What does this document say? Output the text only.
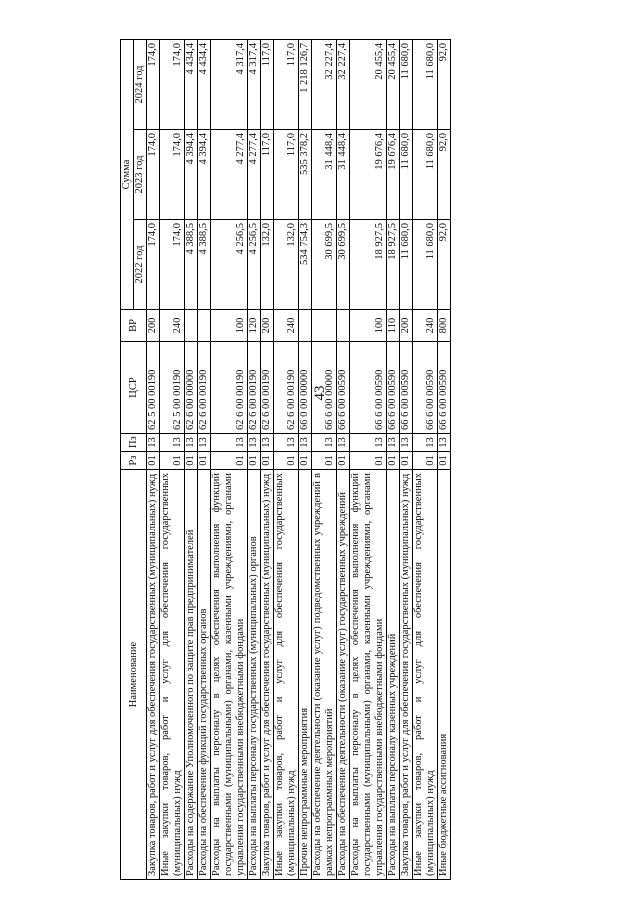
43
Наименование	Рз	Пз	ЦСР	ВР	Сумма		
					2022 год	2023 год	2024 год
Закупка товаров, работ и услуг для обеспечения государственных (муниципальных) нужд	01	13	62 5 00 00190	200	174,0	174,0	174,0
Иные закупки товаров, работ и услуг для обеспечения государственных (муниципальных) нужд	01	13	62 5 00 00190	240	174,0	174,0	174,0
Расходы на содержание Уполномоченного по защите прав предпринимателей	01	13	62 6 00 00000		4 388,5	4 394,4	4 434,4
Расходы на обеспечение функций государственных органов	01	13	62 6 00 00190		4 388,5	4 394,4	4 434,4
Расходы на выплаты персоналу в целях обеспечения выполнения функций государственными (муниципальными) органами, казенными учреждениями, органами управления государственными внебюджетными фондами	01	13	62 6 00 00190	100	4 256,5	4 277,4	4 317,4
Расходы на выплаты персоналу государственных (муниципальных) органов	01	13	62 6 00 00190	120	4 256,5	4 277,4	4 317,4
Закупка товаров, работ и услуг для обеспечения государственных (муниципальных) нужд	01	13	62 6 00 00190	200	132,0	117,0	117,0
Иные закупки товаров, работ и услуг для обеспечения государственных (муниципальных) нужд	01	13	62 6 00 00190	240	132,0	117,0	117,0
Прочие непрограммные мероприятия	01	13	66 0 00 00000		534 754,3	535 378,2	1 218 126,7
Расходы на обеспечение деятельности (оказание услуг) подведомственных учреждений в рамках непрограммных мероприятий	01	13	66 6 00 00000		30 699,5	31 448,4	32 227,4
Расходы на обеспечение деятельности (оказание услуг) государственных учреждений	01	13	66 6 00 00590		30 699,5	31 448,4	32 227,4
Расходы на выплаты персоналу в целях обеспечения выполнения функций государственными (муниципальными) органами, казенными учреждениями, органами управления государственными внебюджетными фондами	01	13	66 6 00 00590	100	18 927,5	19 676,4	20 455,4
Расходы на выплаты персоналу казенных учреждений	01	13	66 6 00 00590	110	18 927,5	19 676,4	20 455,4
Закупка товаров, работ и услуг для обеспечения государственных (муниципальных) нужд	01	13	66 6 00 00590	200	11 680,0	11 680,0	11 680,0
Иные закупки товаров, работ и услуг для обеспечения государственных (муниципальных) нужд	01	13	66 6 00 00590	240	11 680,0	11 680,0	11 680,0
Иные бюджетные ассигнования	01	13	66 6 00 00590	800	92,0	92,0	92,0
